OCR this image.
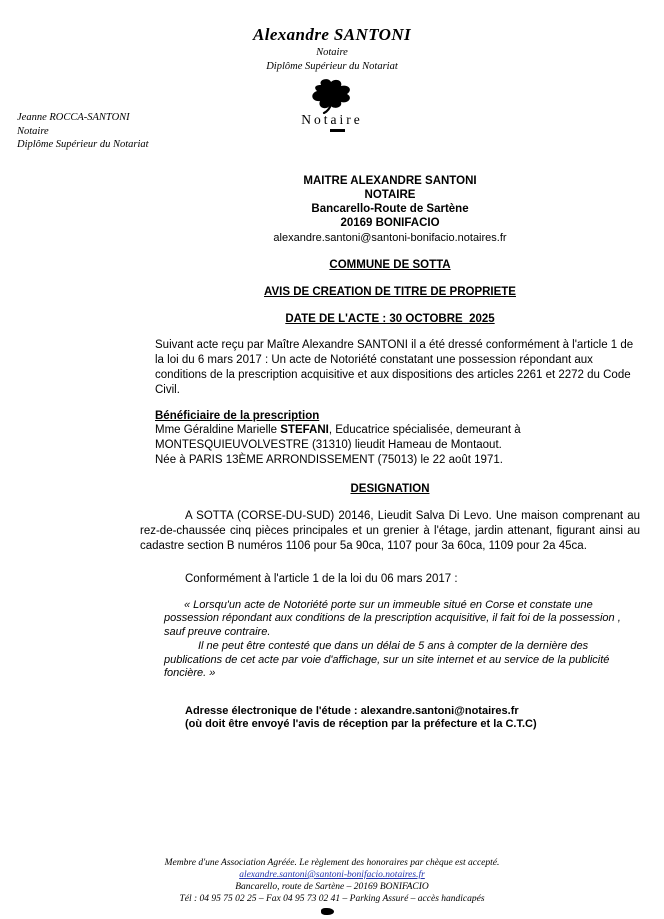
Alexandre SANTONI
Notaire
Diplôme Supérieur du Notariat
Jeanne ROCCA-SANTONI
Notaire
Diplôme Supérieur du Notariat
Notaire
MAITRE ALEXANDRE SANTONI
NOTAIRE
Bancarello-Route de Sartène
20169 BONIFACIO
alexandre.santoni@santoni-bonifacio.notaires.fr
COMMUNE DE SOTTA
AVIS DE CREATION DE TITRE DE PROPRIETE
DATE DE L'ACTE : 30 OCTOBRE  2025

Suivant acte reçu par Maître Alexandre SANTONI il a été dressé conformément à l'article 1 de la loi du 6 mars 2017 : Un acte de Notoriété constatant une possession répondant aux conditions de la prescription acquisitive et aux dispositions des articles 2261 et 2272 du Code Civil.

Bénéficiaire de la prescription

Mme Géraldine Marielle STEFANI, Educatrice spécialisée, demeurant à MONTESQUIEUVOLVESTRE (31310) lieudit Hameau de Montaout.
Née à PARIS 13ÈME ARRONDISSEMENT (75013) le 22 août 1971.

DESIGNATION

A SOTTA (CORSE-DU-SUD) 20146, Lieudit Salva Di Levo. Une maison comprenant au rez-de-chaussée cinq pièces principales et un grenier à l'étage, jardin attenant, figurant ainsi au cadastre section B numéros 1106 pour 5a 90ca, 1107 pour 3a 60ca, 1109 pour 2a 45ca.

Conformément à l'article 1 de la loi du 06 mars 2017 :

« Lorsqu'un acte de Notoriété porte sur un immeuble situé en Corse et constate une possession répondant aux conditions de la prescription acquisitive, il fait foi de la possession , sauf preuve contraire.

Il ne peut être contesté que dans un délai de 5 ans à compter de la dernière des publications de cet acte par voie d'affichage, sur un site internet et au service de la publicité foncière. »

Adresse électronique de l'étude : alexandre.santoni@notaires.fr
(où doit être envoyé l'avis de réception par la préfecture et la C.T.C)
Membre d'une Association Agréée. Le règlement des honoraires par chèque est accepté.
alexandre.santoni@santoni-bonifacio.notaires.fr
Bancarello, route de Sartène – 20169 BONIFACIO
Tél : 04 95 75 02 25 – Fax 04 95 73 02 41 – Parking Assuré – accès handicapés
